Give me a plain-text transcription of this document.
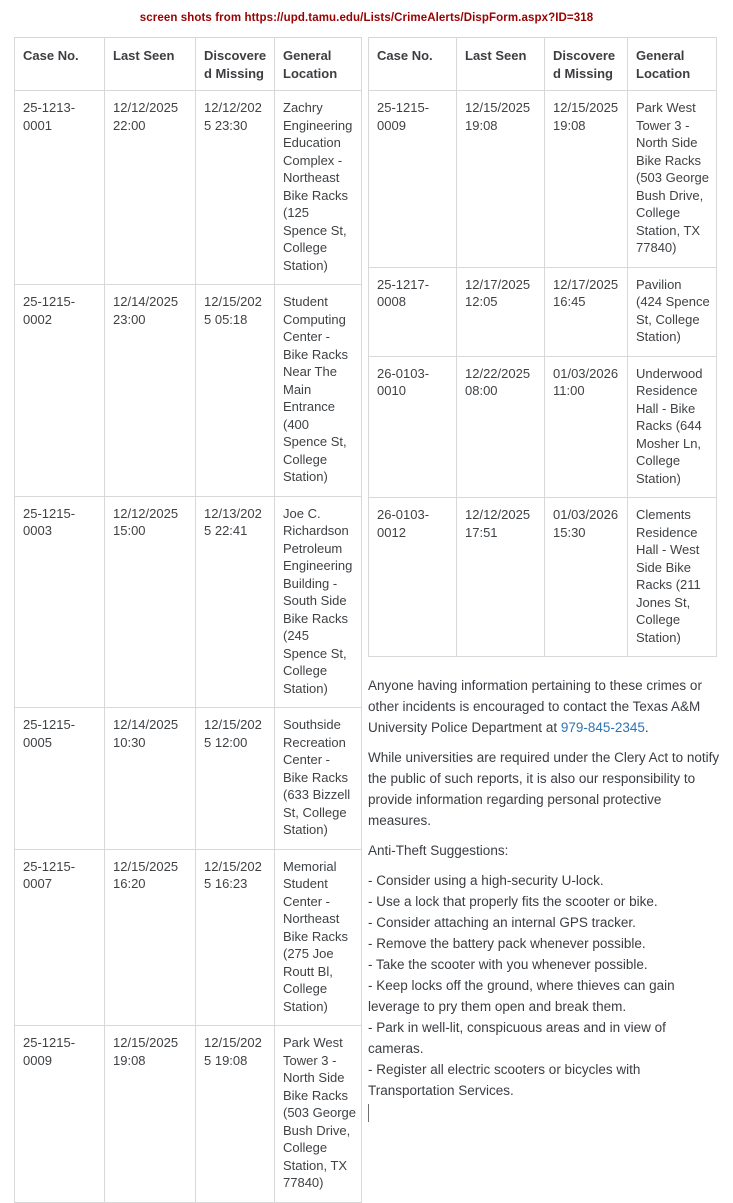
screen shots from https://upd.tamu.edu/Lists/CrimeAlerts/DispForm.aspx?ID=318
Case No.	Last Seen	Discovered Missing	General Location
25-1213-0001	12/12/2025 22:00	12/12/2025 23:30	Zachry Engineering Education Complex - Northeast Bike Racks (125 Spence St, College Station)
25-1215-0002	12/14/2025 23:00	12/15/2025 05:18	Student Computing Center - Bike Racks Near The Main Entrance (400 Spence St, College Station)
25-1215-0003	12/12/2025 15:00	12/13/2025 22:41	Joe C. Richardson Petroleum Engineering Building - South Side Bike Racks (245 Spence St, College Station)
25-1215-0005	12/14/2025 10:30	12/15/2025 12:00	Southside Recreation Center - Bike Racks (633 Bizzell St, College Station)
25-1215-0007	12/15/2025 16:20	12/15/2025 16:23	Memorial Student Center - Northeast Bike Racks (275 Joe Routt Bl, College Station)
25-1215-0009	12/15/2025 19:08	12/15/2025 19:08	Park West Tower 3 - North Side Bike Racks (503 George Bush Drive, College Station, TX 77840)
Case No.	Last Seen	Discovered Missing	General Location
25-1215-0009	12/15/2025 19:08	12/15/2025 19:08	Park West Tower 3 - North Side Bike Racks (503 George Bush Drive, College Station, TX 77840)
25-1217-0008	12/17/2025 12:05	12/17/2025 16:45	Pavilion (424 Spence St, College Station)
26-0103-0010	12/22/2025 08:00	01/03/2026 11:00	Underwood Residence Hall - Bike Racks (644 Mosher Ln, College Station)
26-0103-0012	12/12/2025 17:51	01/03/2026 15:30	Clements Residence Hall - West Side Bike Racks (211 Jones St, College Station)

Anyone having information pertaining to these crimes or other incidents is encouraged to contact the Texas A&M University Police Department at 979-845-2345.

While universities are required under the Clery Act to notify the public of such reports, it is also our responsibility to provide information regarding personal protective measures.

Anti-Theft Suggestions:

- Consider using a high-security U-lock.
- Use a lock that properly fits the scooter or bike.
- Consider attaching an internal GPS tracker.
- Remove the battery pack whenever possible.
- Take the scooter with you whenever possible.
- Keep locks off the ground, where thieves can gain leverage to pry them open and break them.
- Park in well-lit, conspicuous areas and in view of cameras.
- Register all electric scooters or bicycles with Transportation Services.
